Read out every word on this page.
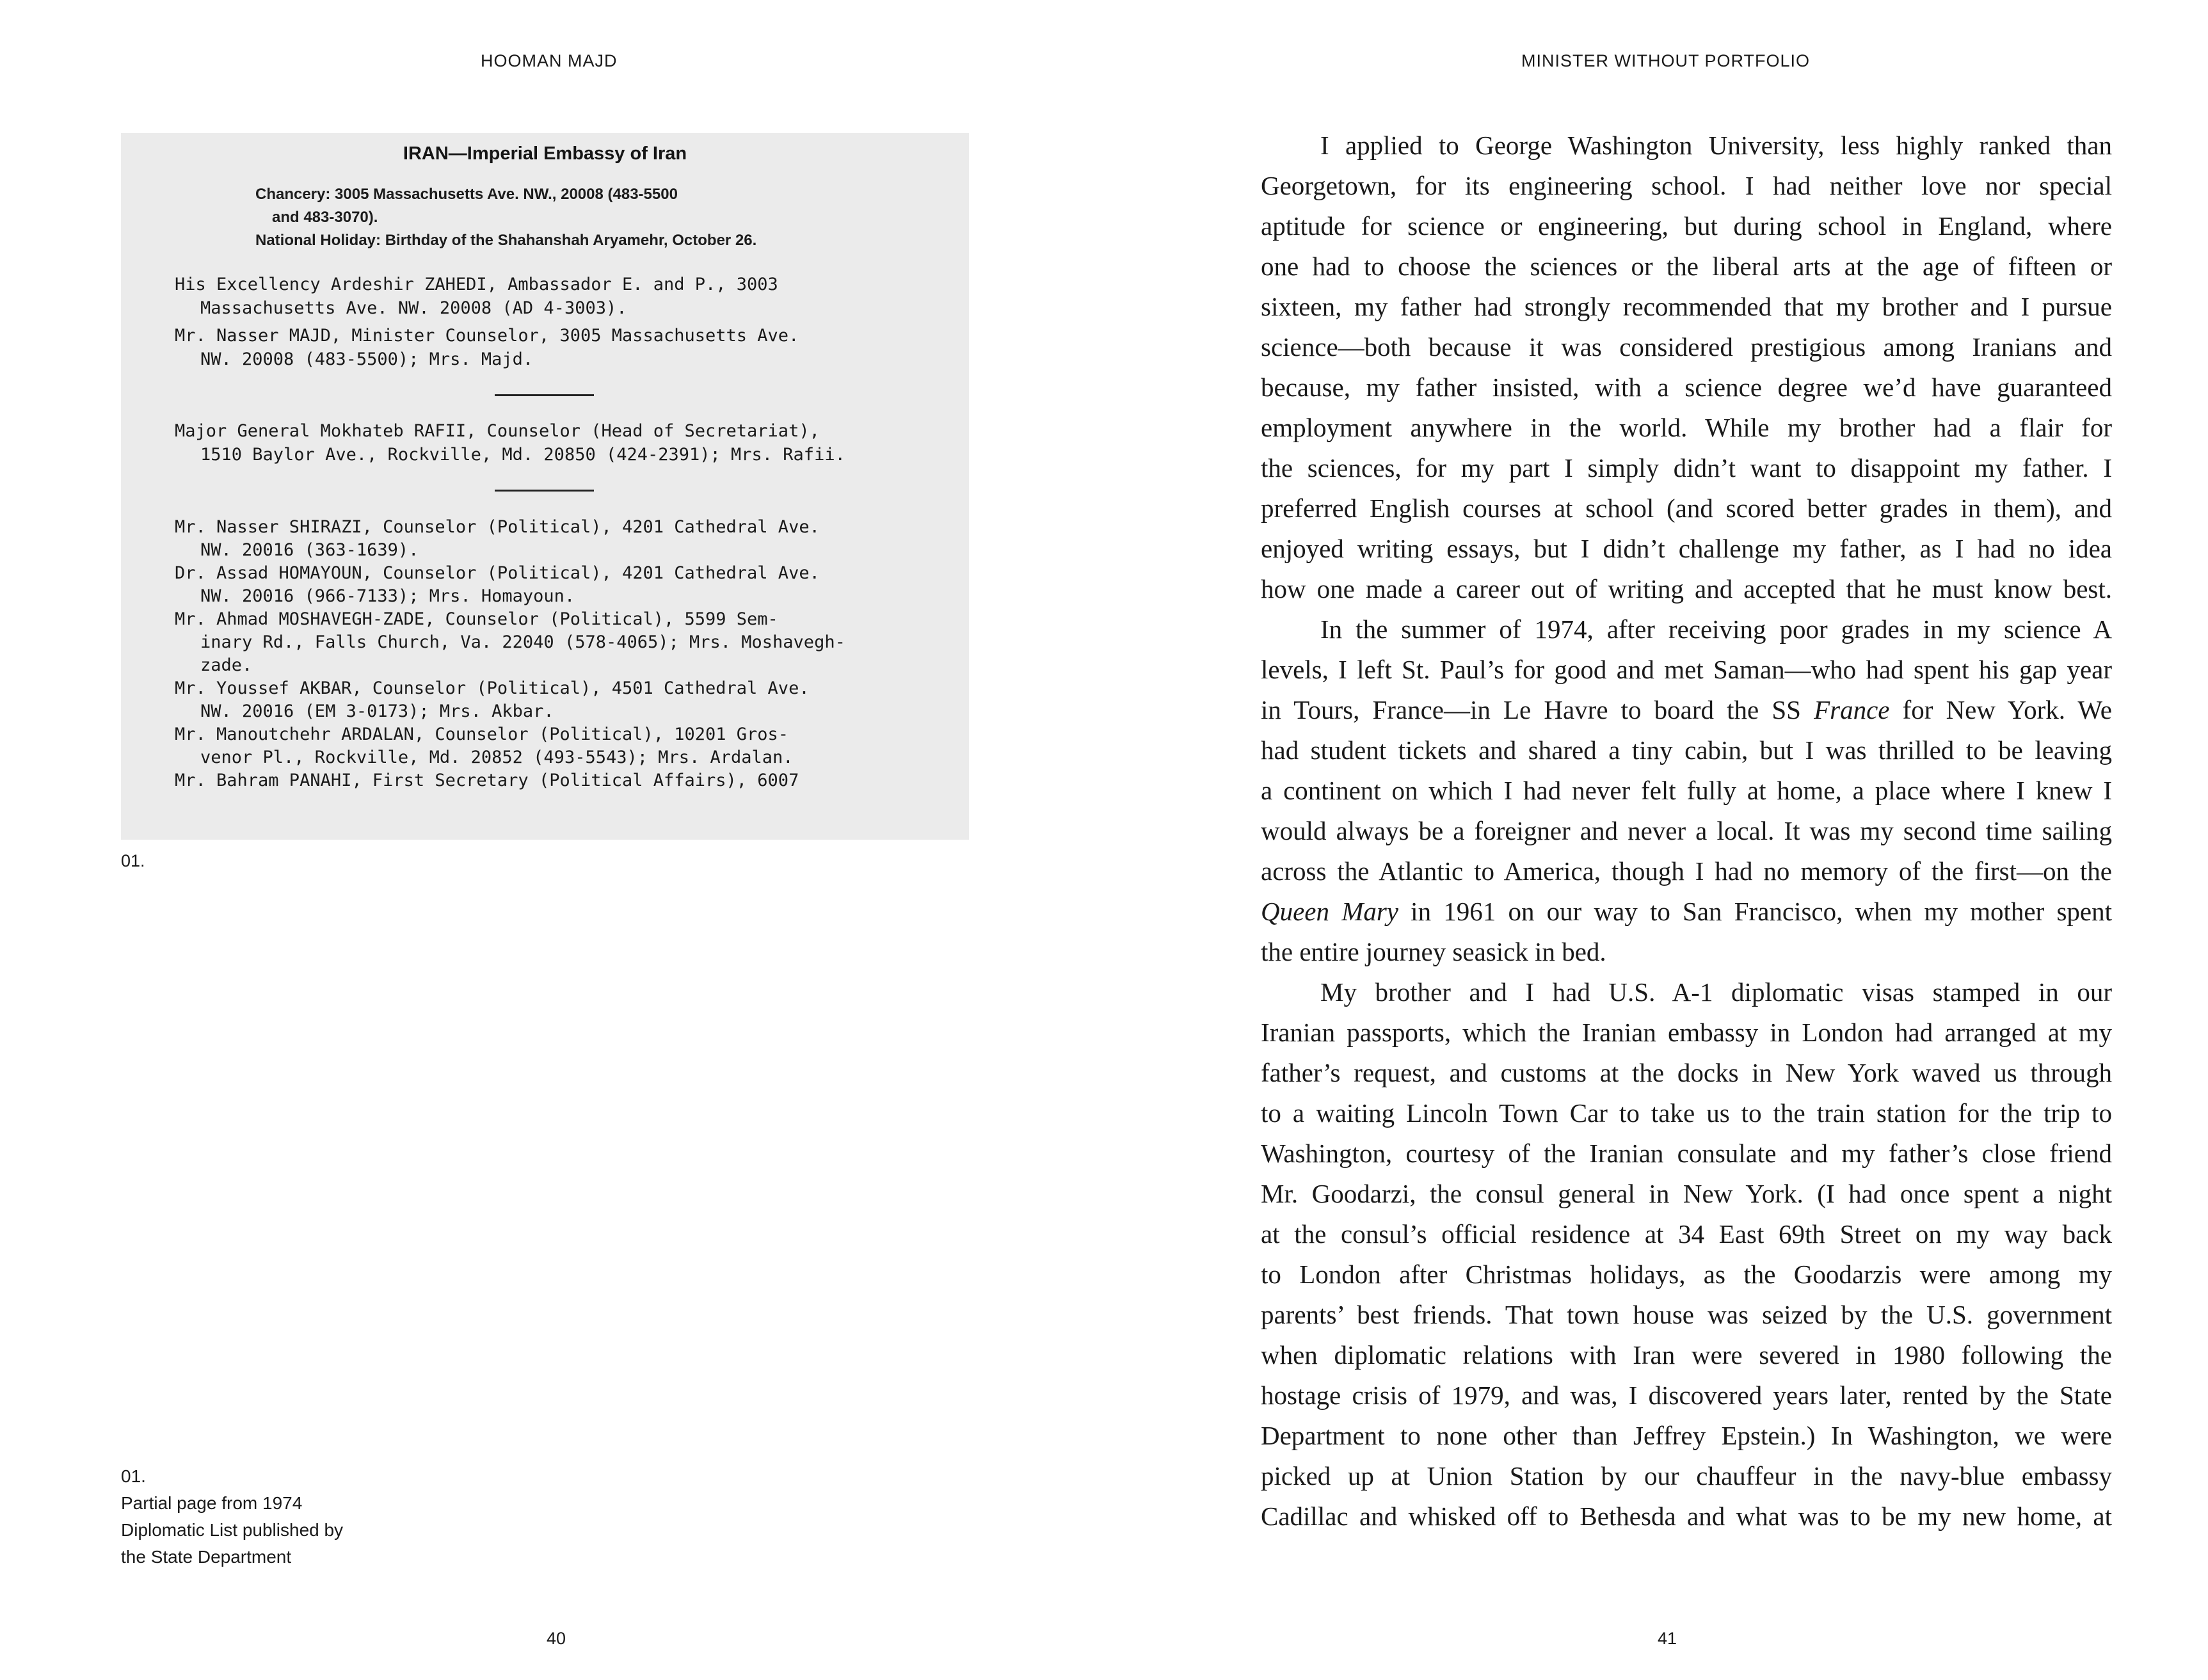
HOOMAN MAJD
IRAN—Imperial Embassy of Iran
Chancery: 3005 Massachusetts Ave. NW., 20008 (483-5500
and 483-3070).
National Holiday: Birthday of the Shahanshah Aryamehr, October 26.
His Excellency Ardeshir ZAHEDI, Ambassador E. and P., 3003
Massachusetts Ave. NW. 20008 (AD 4-3003).
Mr. Nasser MAJD, Minister Counselor, 3005 Massachusetts Ave.
NW. 20008 (483-5500); Mrs. Majd.
Major General Mokhateb RAFII, Counselor (Head of Secretariat),
1510 Baylor Ave., Rockville, Md. 20850 (424-2391); Mrs. Rafii.
Mr. Nasser SHIRAZI, Counselor (Political), 4201 Cathedral Ave.
NW. 20016 (363-1639).
Dr. Assad HOMAYOUN, Counselor (Political), 4201 Cathedral Ave.
NW. 20016 (966-7133); Mrs. Homayoun.
Mr. Ahmad MOSHAVEGH-ZADE, Counselor (Political), 5599 Sem-
inary Rd., Falls Church, Va. 22040 (578-4065); Mrs. Moshavegh-
zade.
Mr. Youssef AKBAR, Counselor (Political), 4501 Cathedral Ave.
NW. 20016 (EM 3-0173); Mrs. Akbar.
Mr. Manoutchehr ARDALAN, Counselor (Political), 10201 Gros-
venor Pl., Rockville, Md. 20852 (493-5543); Mrs. Ardalan.
Mr. Bahram PANAHI, First Secretary (Political Affairs), 6007
01.
01.
Partial page from 1974
Diplomatic List published by
the State Department
40
MINISTER WITHOUT PORTFOLIO
I applied to George Washington University, less highly ranked than
Georgetown, for its engineering school. I had neither love nor special
aptitude for science or engineering, but during school in England, where
one had to choose the sciences or the liberal arts at the age of fifteen or
sixteen, my father had strongly recommended that my brother and I pursue
science—both because it was considered prestigious among Iranians and
because, my father insisted, with a science degree we’d have guaranteed
employment anywhere in the world. While my brother had a flair for
the sciences, for my part I simply didn’t want to disappoint my father. I
preferred English courses at school (and scored better grades in them), and
enjoyed writing essays, but I didn’t challenge my father, as I had no idea
how one made a career out of writing and accepted that he must know best.
In the summer of 1974, after receiving poor grades in my science A
levels, I left St. Paul’s for good and met Saman—who had spent his gap year
in Tours, France—in Le Havre to board the SS France for New York. We
had student tickets and shared a tiny cabin, but I was thrilled to be leaving
a continent on which I had never felt fully at home, a place where I knew I
would always be a foreigner and never a local. It was my second time sailing
across the Atlantic to America, though I had no memory of the first—on the
Queen Mary in 1961 on our way to San Francisco, when my mother spent
the entire journey seasick in bed.
My brother and I had U.S. A-1 diplomatic visas stamped in our
Iranian passports, which the Iranian embassy in London had arranged at my
father’s request, and customs at the docks in New York waved us through
to a waiting Lincoln Town Car to take us to the train station for the trip to
Washington, courtesy of the Iranian consulate and my father’s close friend
Mr. Goodarzi, the consul general in New York. (I had once spent a night
at the consul’s official residence at 34 East 69th Street on my way back
to London after Christmas holidays, as the Goodarzis were among my
parents’ best friends. That town house was seized by the U.S. government
when diplomatic relations with Iran were severed in 1980 following the
hostage crisis of 1979, and was, I discovered years later, rented by the State
Department to none other than Jeffrey Epstein.) In Washington, we were
picked up at Union Station by our chauffeur in the navy-blue embassy
Cadillac and whisked off to Bethesda and what was to be my new home, at
41
